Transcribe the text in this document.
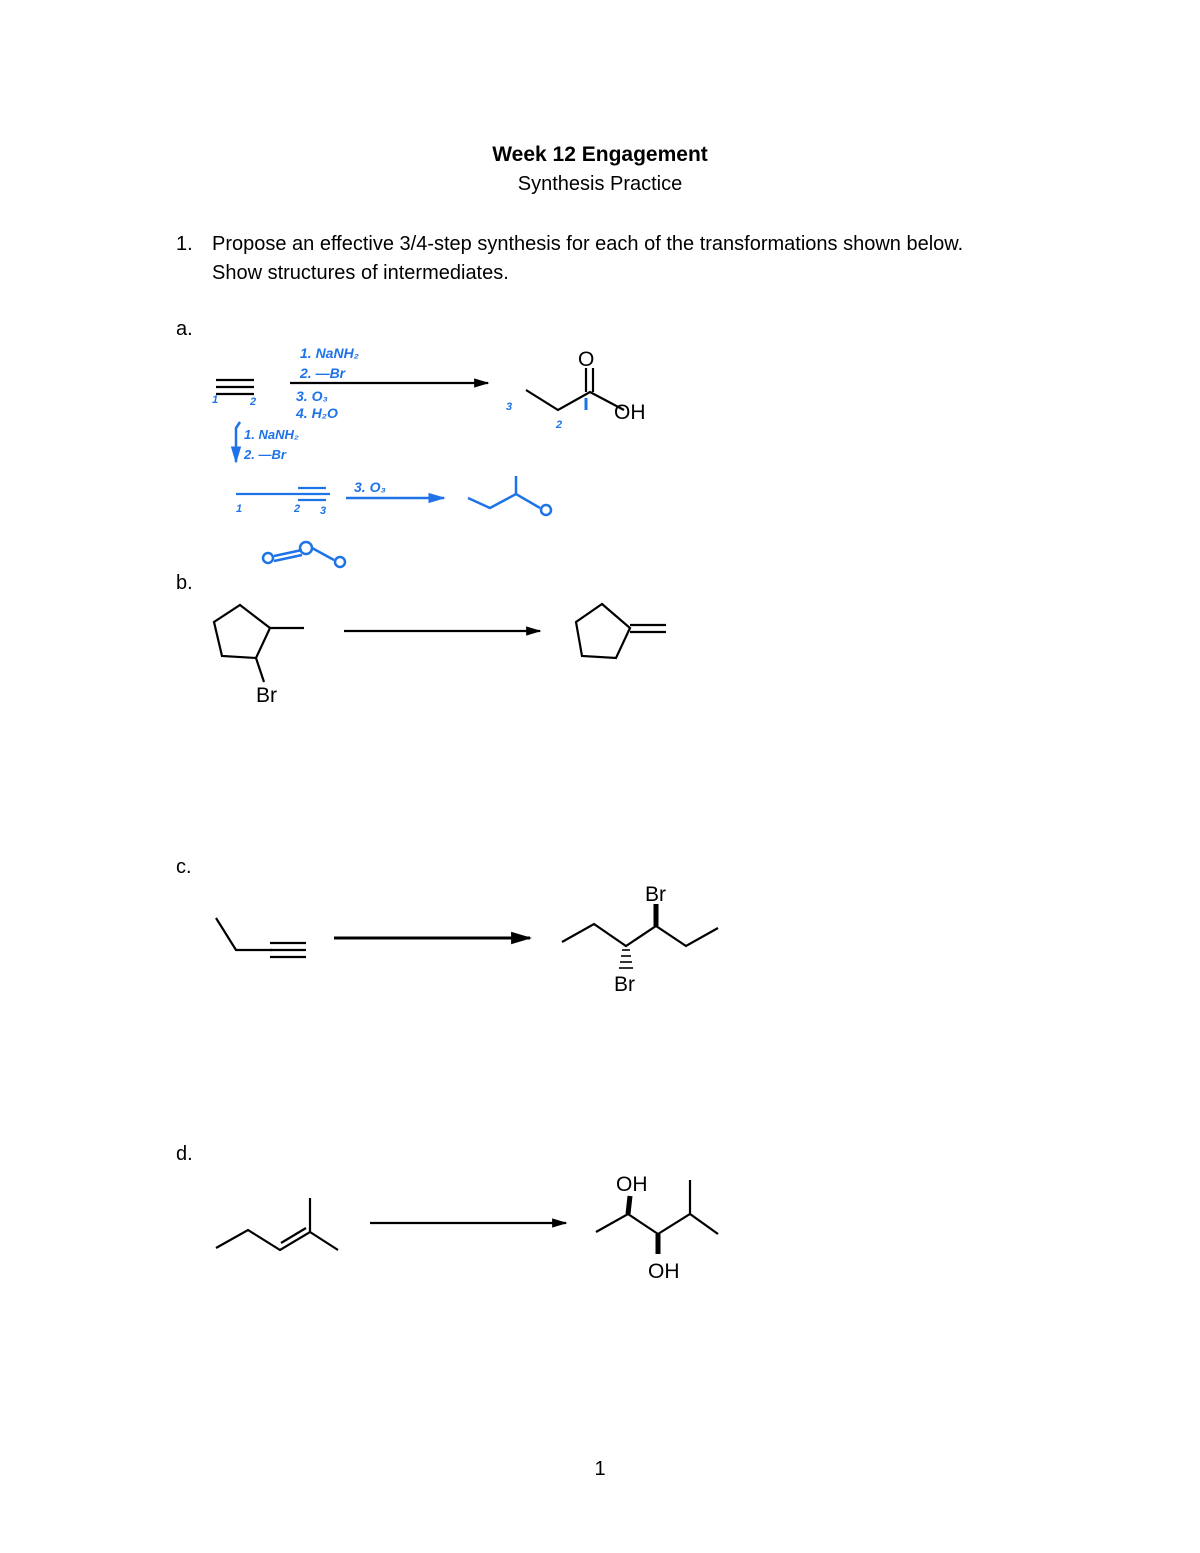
Week 12 Engagement
Synthesis Practice
1. Propose an effective 3/4-step synthesis for each of the transformations shown below.
Show structures of intermediates.
a.
b.
c.
d.
O
OH
1. NaNH₂
2. —Br
3. O₃
4. H₂O
1	2	3
2
1. NaNH₂
2. —Br
1	2 3
3. O₃
Br
Br
Br
OH
OH
1
